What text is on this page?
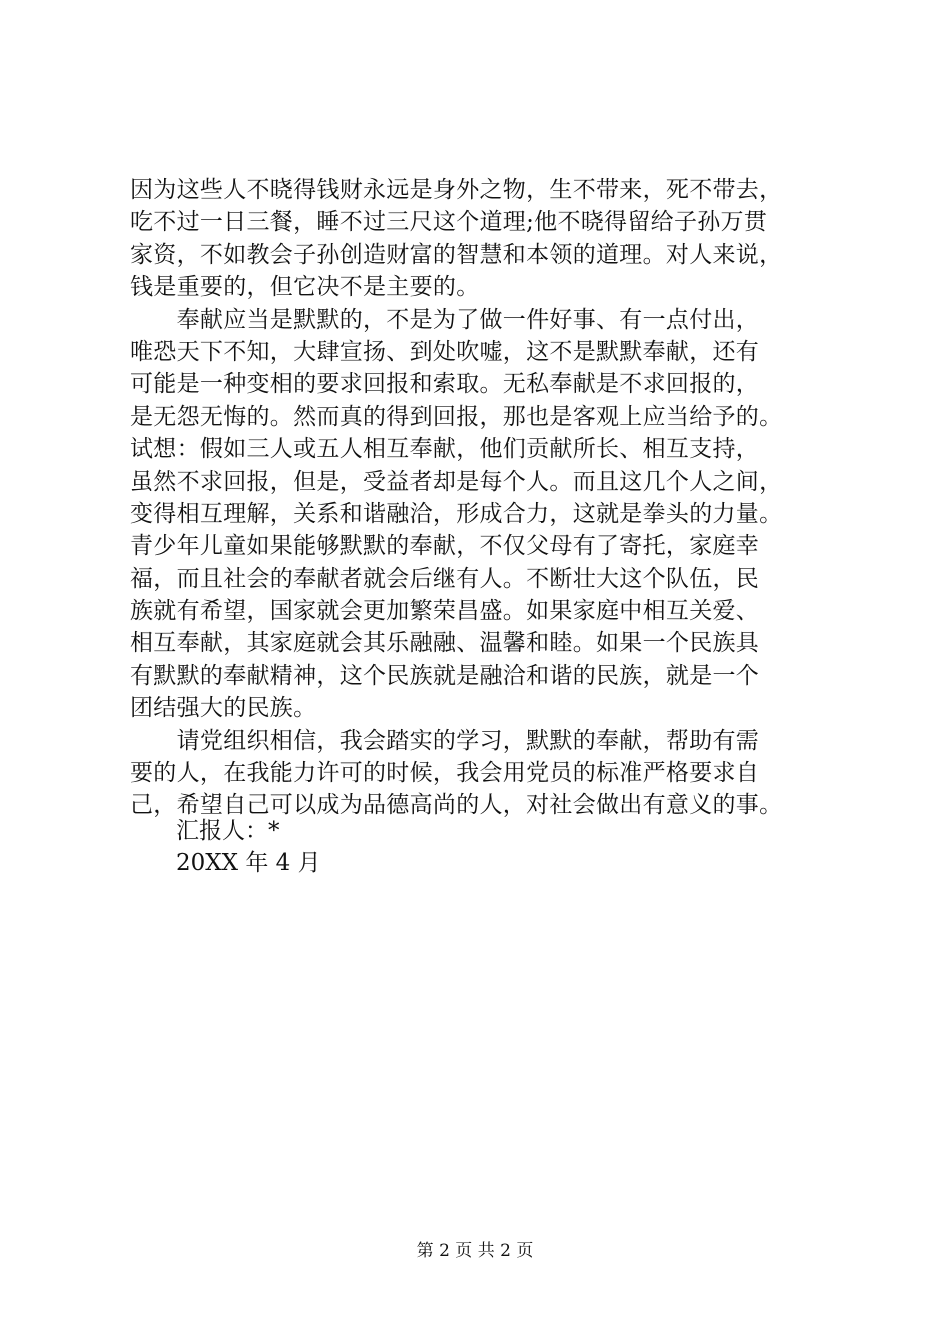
因为这些人不晓得钱财永远是身外之物，生不带来，死不带去，
吃不过一日三餐，睡不过三尺这个道理;他不晓得留给子孙万贯
家资，不如教会子孙创造财富的智慧和本领的道理。对人来说，
钱是重要的，但它决不是主要的。
　　奉献应当是默默的，不是为了做一件好事、有一点付出，
唯恐天下不知，大肆宣扬、到处吹嘘，这不是默默奉献，还有
可能是一种变相的要求回报和索取。无私奉献是不求回报的，
是无怨无悔的。然而真的得到回报，那也是客观上应当给予的。
试想：假如三人或五人相互奉献，他们贡献所长、相互支持，
虽然不求回报，但是，受益者却是每个人。而且这几个人之间，
变得相互理解，关系和谐融洽，形成合力，这就是拳头的力量。
青少年儿童如果能够默默的奉献，不仅父母有了寄托，家庭幸
福，而且社会的奉献者就会后继有人。不断壮大这个队伍，民
族就有希望，国家就会更加繁荣昌盛。如果家庭中相互关爱、
相互奉献，其家庭就会其乐融融、温馨和睦。如果一个民族具
有默默的奉献精神，这个民族就是融洽和谐的民族，就是一个
团结强大的民族。
　　请党组织相信，我会踏实的学习，默默的奉献，帮助有需
要的人，在我能力许可的时候，我会用党员的标准严格要求自
己，希望自己可以成为品德高尚的人，对社会做出有意义的事。
汇报人：*
20XX 年 4 月
第 2 页 共 2 页
